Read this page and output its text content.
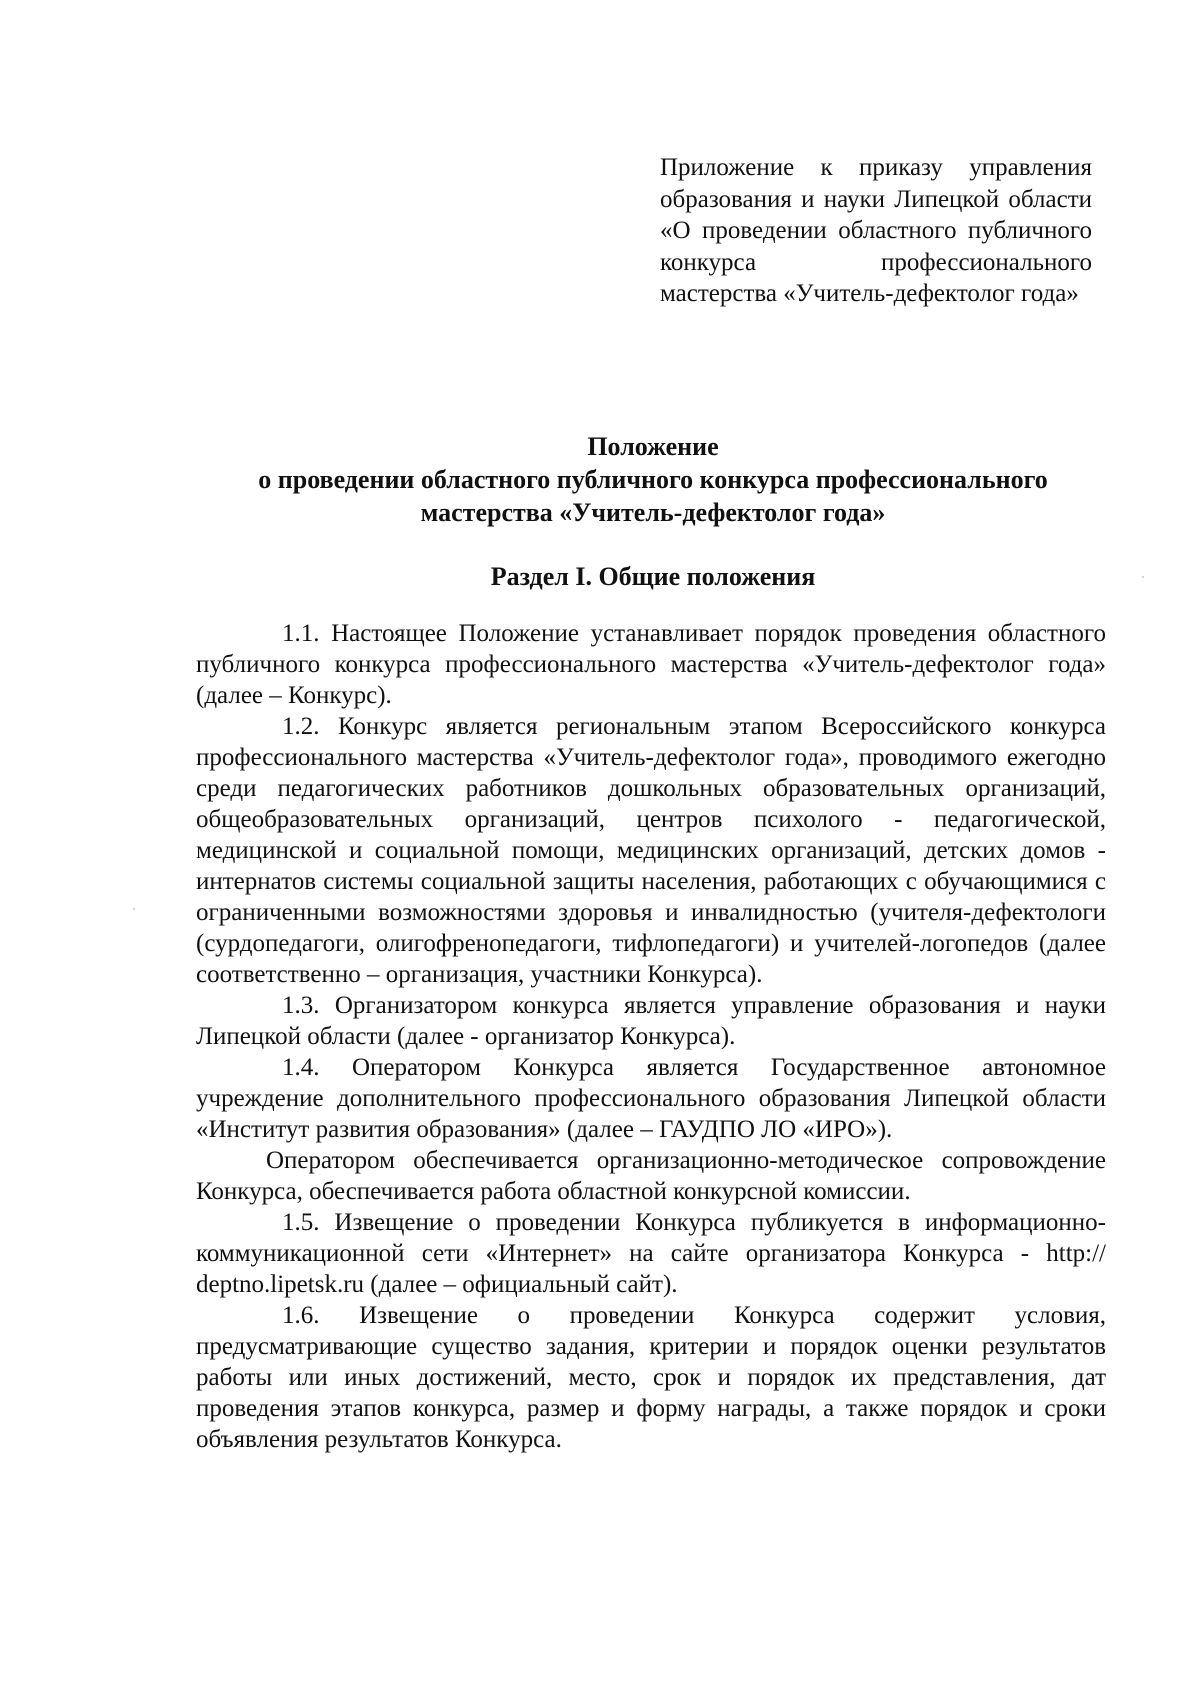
Приложение к приказу управления образования и науки Липецкой области «О проведении областного публичного конкурса профессионального мастерства «Учитель-дефектолог года»
Положение
о проведении областного публичного конкурса профессионального
мастерства «Учитель-дефектолог года»
Раздел I. Общие положения

1.1. Настоящее Положение устанавливает порядок проведения областного публичного конкурса профессионального мастерства «Учитель-дефектолог года» (далее – Конкурс).

1.2. Конкурс является региональным этапом Всероссийского конкурса профессионального мастерства «Учитель-дефектолог года», проводимого ежегодно среди педагогических работников дошкольных образовательных организаций, общеобразовательных организаций, центров психолого - педагогической, медицинской и социальной помощи, медицинских организаций, детских домов - интернатов системы социальной защиты населения, работающих с обучающимися с ограниченными возможностями здоровья и инвалидностью (учителя-дефектологи (сурдопедагоги, олигофренопедагоги, тифлопедагоги) и учителей-логопедов (далее соответственно – организация, участники Конкурса).

1.3. Организатором конкурса является управление образования и науки Липецкой области (далее - организатор Конкурса).

1.4. Оператором Конкурса является Государственное автономное учреждение дополнительного профессионального образования Липецкой области «Институт развития образования» (далее – ГАУДПО ЛО «ИРО»).

Оператором обеспечивается организационно-методическое сопровождение Конкурса, обеспечивается работа областной конкурсной комиссии.

1.5. Извещение о проведении Конкурса публикуется в информационно-коммуникационной сети «Интернет» на сайте организатора Конкурса - http:// deptno.lipetsk.ru (далее – официальный сайт).

1.6. Извещение о проведении Конкурса содержит условия, предусматривающие существо задания, критерии и порядок оценки результатов работы или иных достижений, место, срок и порядок их представления, дат проведения этапов конкурса, размер и форму награды, а также порядок и сроки объявления результатов Конкурса.
